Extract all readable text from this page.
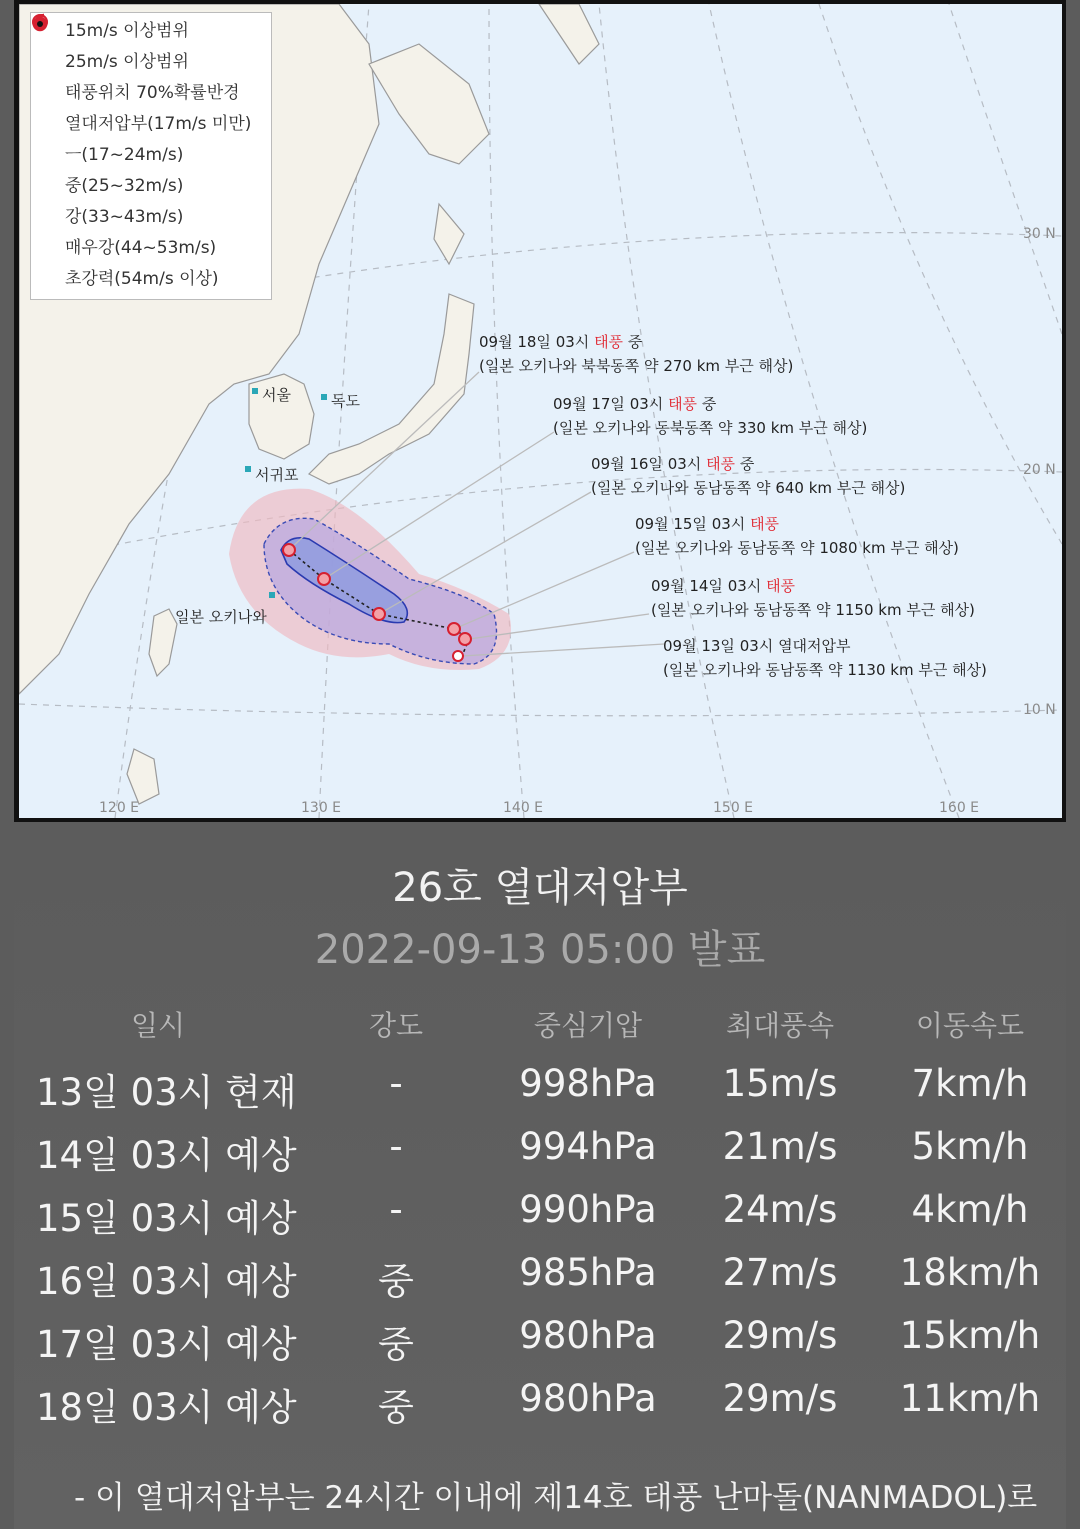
15m/s 이상범위
25m/s 이상범위
태풍위치 70%확률반경
열대저압부(17m/s 미만)
ㅡ(17~24m/s)
중(25~32m/s)
강(33~43m/s)
매우강(44~53m/s)
초강력(54m/s 이상)
30 N
20 N
10 N
120 E	130 E	140 E	150 E	160 E
서울	독도
서귀포
일본 오키나와
09월 18일 03시 태풍 중
(일본 오키나와 북북동쪽 약 270 km 부근 해상)
09월 17일 03시 태풍 중
(일본 오키나와 동북동쪽 약 330 km 부근 해상)
09월 16일 03시 태풍 중
(일본 오키나와 동남동쪽 약 640 km 부근 해상)
09월 15일 03시 태풍
(일본 오키나와 동남동쪽 약 1080 km 부근 해상)
09월 14일 03시 태풍
(일본 오키나와 동남동쪽 약 1150 km 부근 해상)
09월 13일 03시 열대저압부
(일본 오키나와 동남동쪽 약 1130 km 부근 해상)
26호 열대저압부
2022-09-13 05:00 발표
일시	강도	중심기압	최대풍속	이동속도
13일 03시 현재	-	998hPa	15m/s	7km/h
14일 03시 예상	-	994hPa	21m/s	5km/h
15일 03시 예상	-	990hPa	24m/s	4km/h
16일 03시 예상	중	985hPa	27m/s	18km/h
17일 03시 예상	중	980hPa	29m/s	15km/h
18일 03시 예상	중	980hPa	29m/s	11km/h
- 이 열대저압부는 24시간 이내에 제14호 태풍 난마돌(NANMADOL)로
